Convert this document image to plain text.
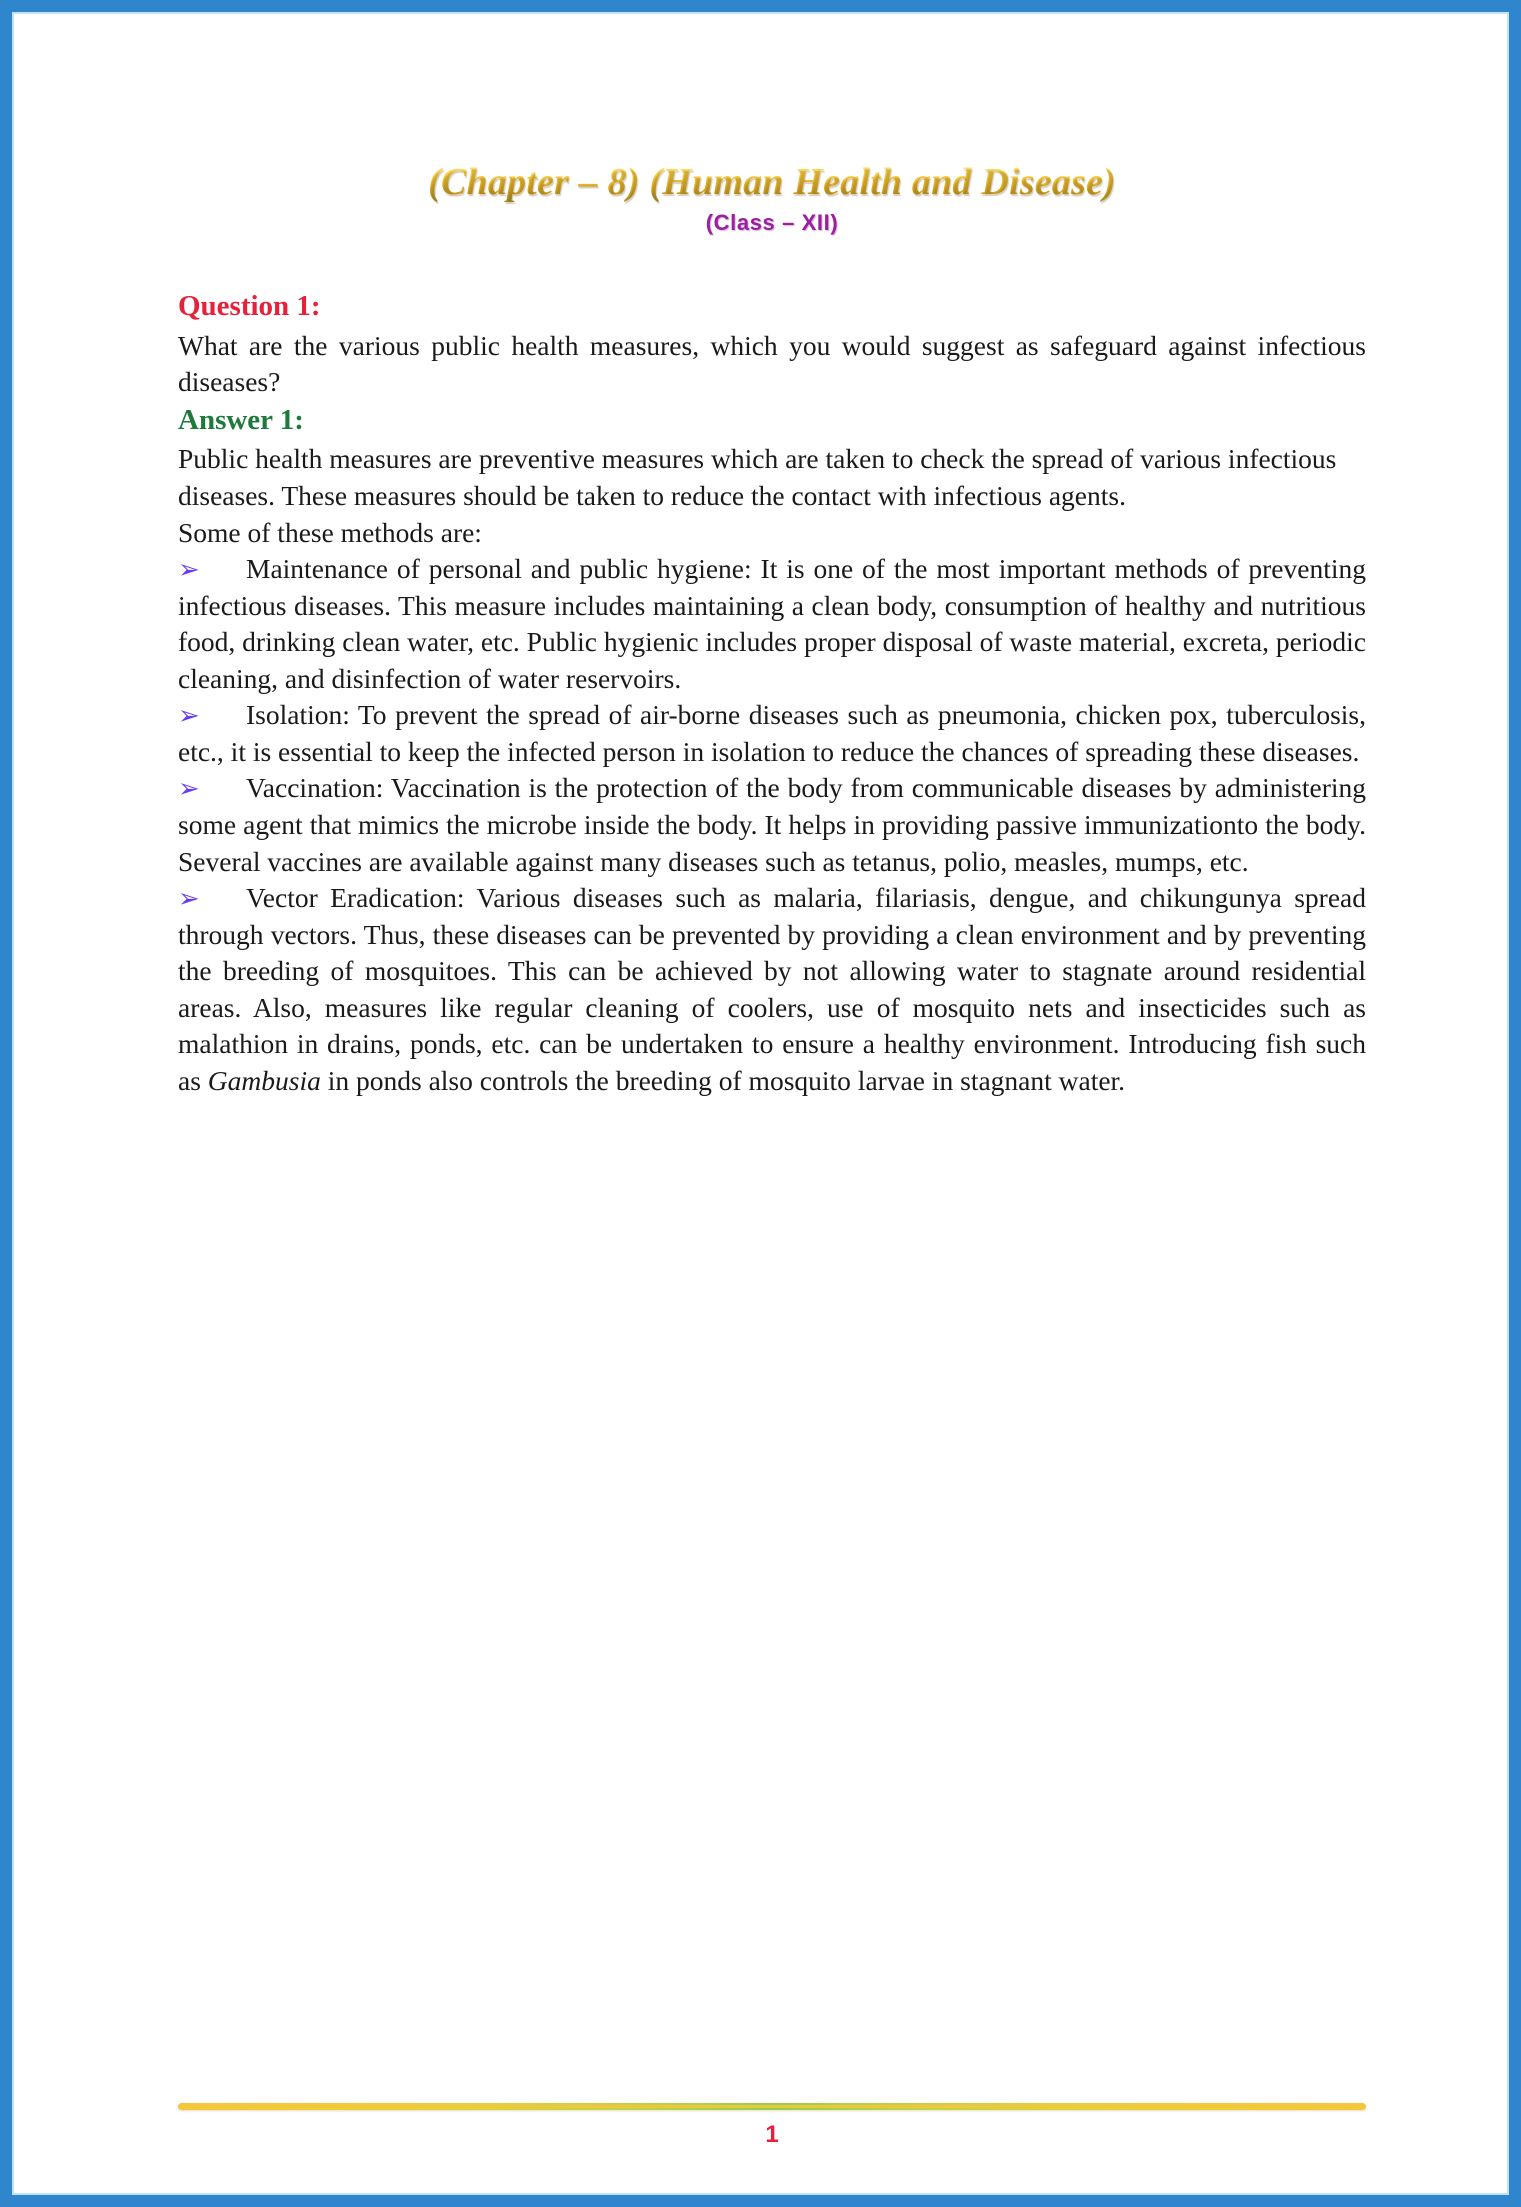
(Chapter – 8) (Human Health and Disease)
(Class – XII)

Question 1:

What are the various public health measures, which you would suggest as safeguard against infectious diseases?

Answer 1:

Public health measures are preventive measures which are taken to check the spread of various infectious diseases. These measures should be taken to reduce the contact with infectious agents.

Some of these methods are:

➢ Maintenance of personal and public hygiene: It is one of the most important methods of preventing infectious diseases. This measure includes maintaining a clean body, consumption of healthy and nutritious food, drinking clean water, etc. Public hygienic includes proper disposal of waste material, excreta, periodic cleaning, and disinfection of water reservoirs.

➢ Isolation: To prevent the spread of air-borne diseases such as pneumonia, chicken pox, tuberculosis, etc., it is essential to keep the infected person in isolation to reduce the chances of spreading these diseases.

➢ Vaccination: Vaccination is the protection of the body from communicable diseases by administering some agent that mimics the microbe inside the body. It helps in providing passive immunizationto the body. Several vaccines are available against many diseases such as tetanus, polio, measles, mumps, etc.

➢ Vector Eradication: Various diseases such as malaria, filariasis, dengue, and chikungunya spread through vectors. Thus, these diseases can be prevented by providing a clean environment and by preventing the breeding of mosquitoes. This can be achieved by not allowing water to stagnate around residential areas. Also, measures like regular cleaning of coolers, use of mosquito nets and insecticides such as malathion in drains, ponds, etc. can be undertaken to ensure a healthy environment. Introducing fish such as Gambusia in ponds also controls the breeding of mosquito larvae in stagnant water.

1
